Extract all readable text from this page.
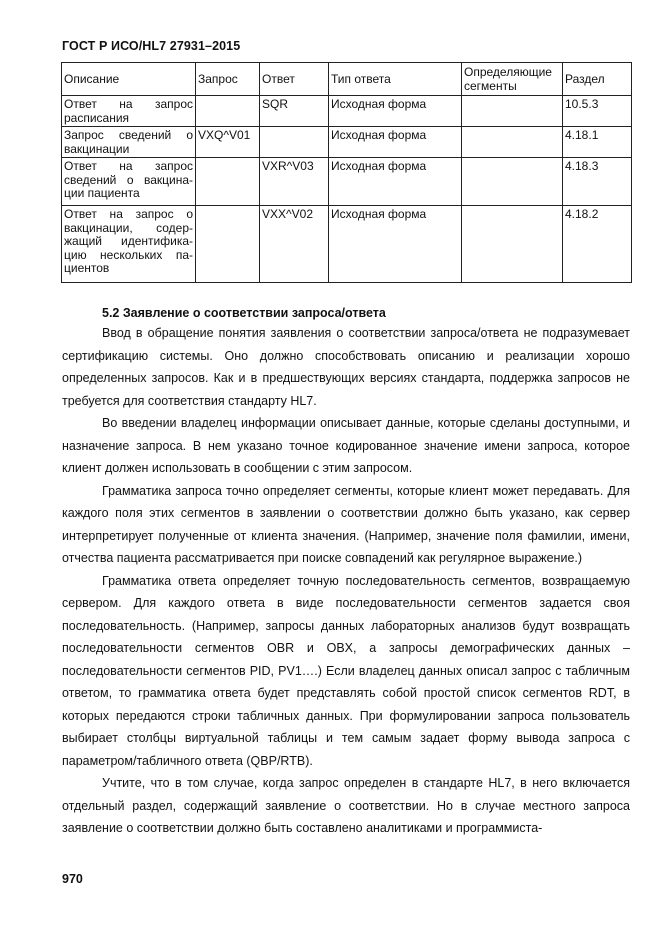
ГОСТ Р ИСО/HL7 27931–2015
Описание	Запрос	Ответ	Тип ответа	Определяющие сегменты	Раздел
Ответ на запрос расписания		SQR	Исходная форма		10.5.3
Запрос сведений о вакцинации	VXQ^V01		Исходная форма		4.18.1
Ответ на запрос сведений о вакцина-ции пациента		VXR^V03	Исходная форма		4.18.3
Ответ на запрос о вакцинации, содер-жащий идентифика-цию нескольких па-циентов		VXX^V02	Исходная форма		4.18.2
5.2 Заявление о соответствии запроса/ответа

Ввод в обращение понятия заявления о соответствии запроса/ответа не подразумевает сертификацию системы. Оно должно способствовать описанию и реализации хорошо определенных запросов. Как и в предшествующих версиях стандарта, поддержка запросов не требуется для соответствия стандарту HL7.

Во введении владелец информации описывает данные, которые сделаны доступными, и назначение запроса. В нем указано точное кодированное значение имени запроса, которое клиент должен использовать в сообщении с этим запросом.

Грамматика запроса точно определяет сегменты, которые клиент может передавать. Для каждого поля этих сегментов в заявлении о соответствии должно быть указано, как сервер интерпретирует полученные от клиента значения. (Например, значение поля фамилии, имени, отчества пациента рассматривается при поиске совпадений как регулярное выражение.)

Грамматика ответа определяет точную последовательность сегментов, возвращаемую сервером. Для каждого ответа в виде последовательности сегментов задается своя последовательность. (Например, запросы данных лабораторных анализов будут возвращать последовательности сегментов OBR и OBX, а запросы демографических данных – последовательности сегментов PID, PV1….) Если владелец данных описал запрос с табличным ответом, то грамматика ответа будет представлять собой простой список сегментов RDT, в которых передаются строки табличных данных. При формулировании запроса пользователь выбирает столбцы виртуальной таблицы и тем самым задает форму вывода запроса с параметром/табличного ответа (QBP/RTB).

Учтите, что в том случае, когда запрос определен в стандарте HL7, в него включается отдельный раздел, содержащий заявление о соответствии. Но в случае местного запроса заявление о соответствии должно быть составлено аналитиками и программиста-

970
